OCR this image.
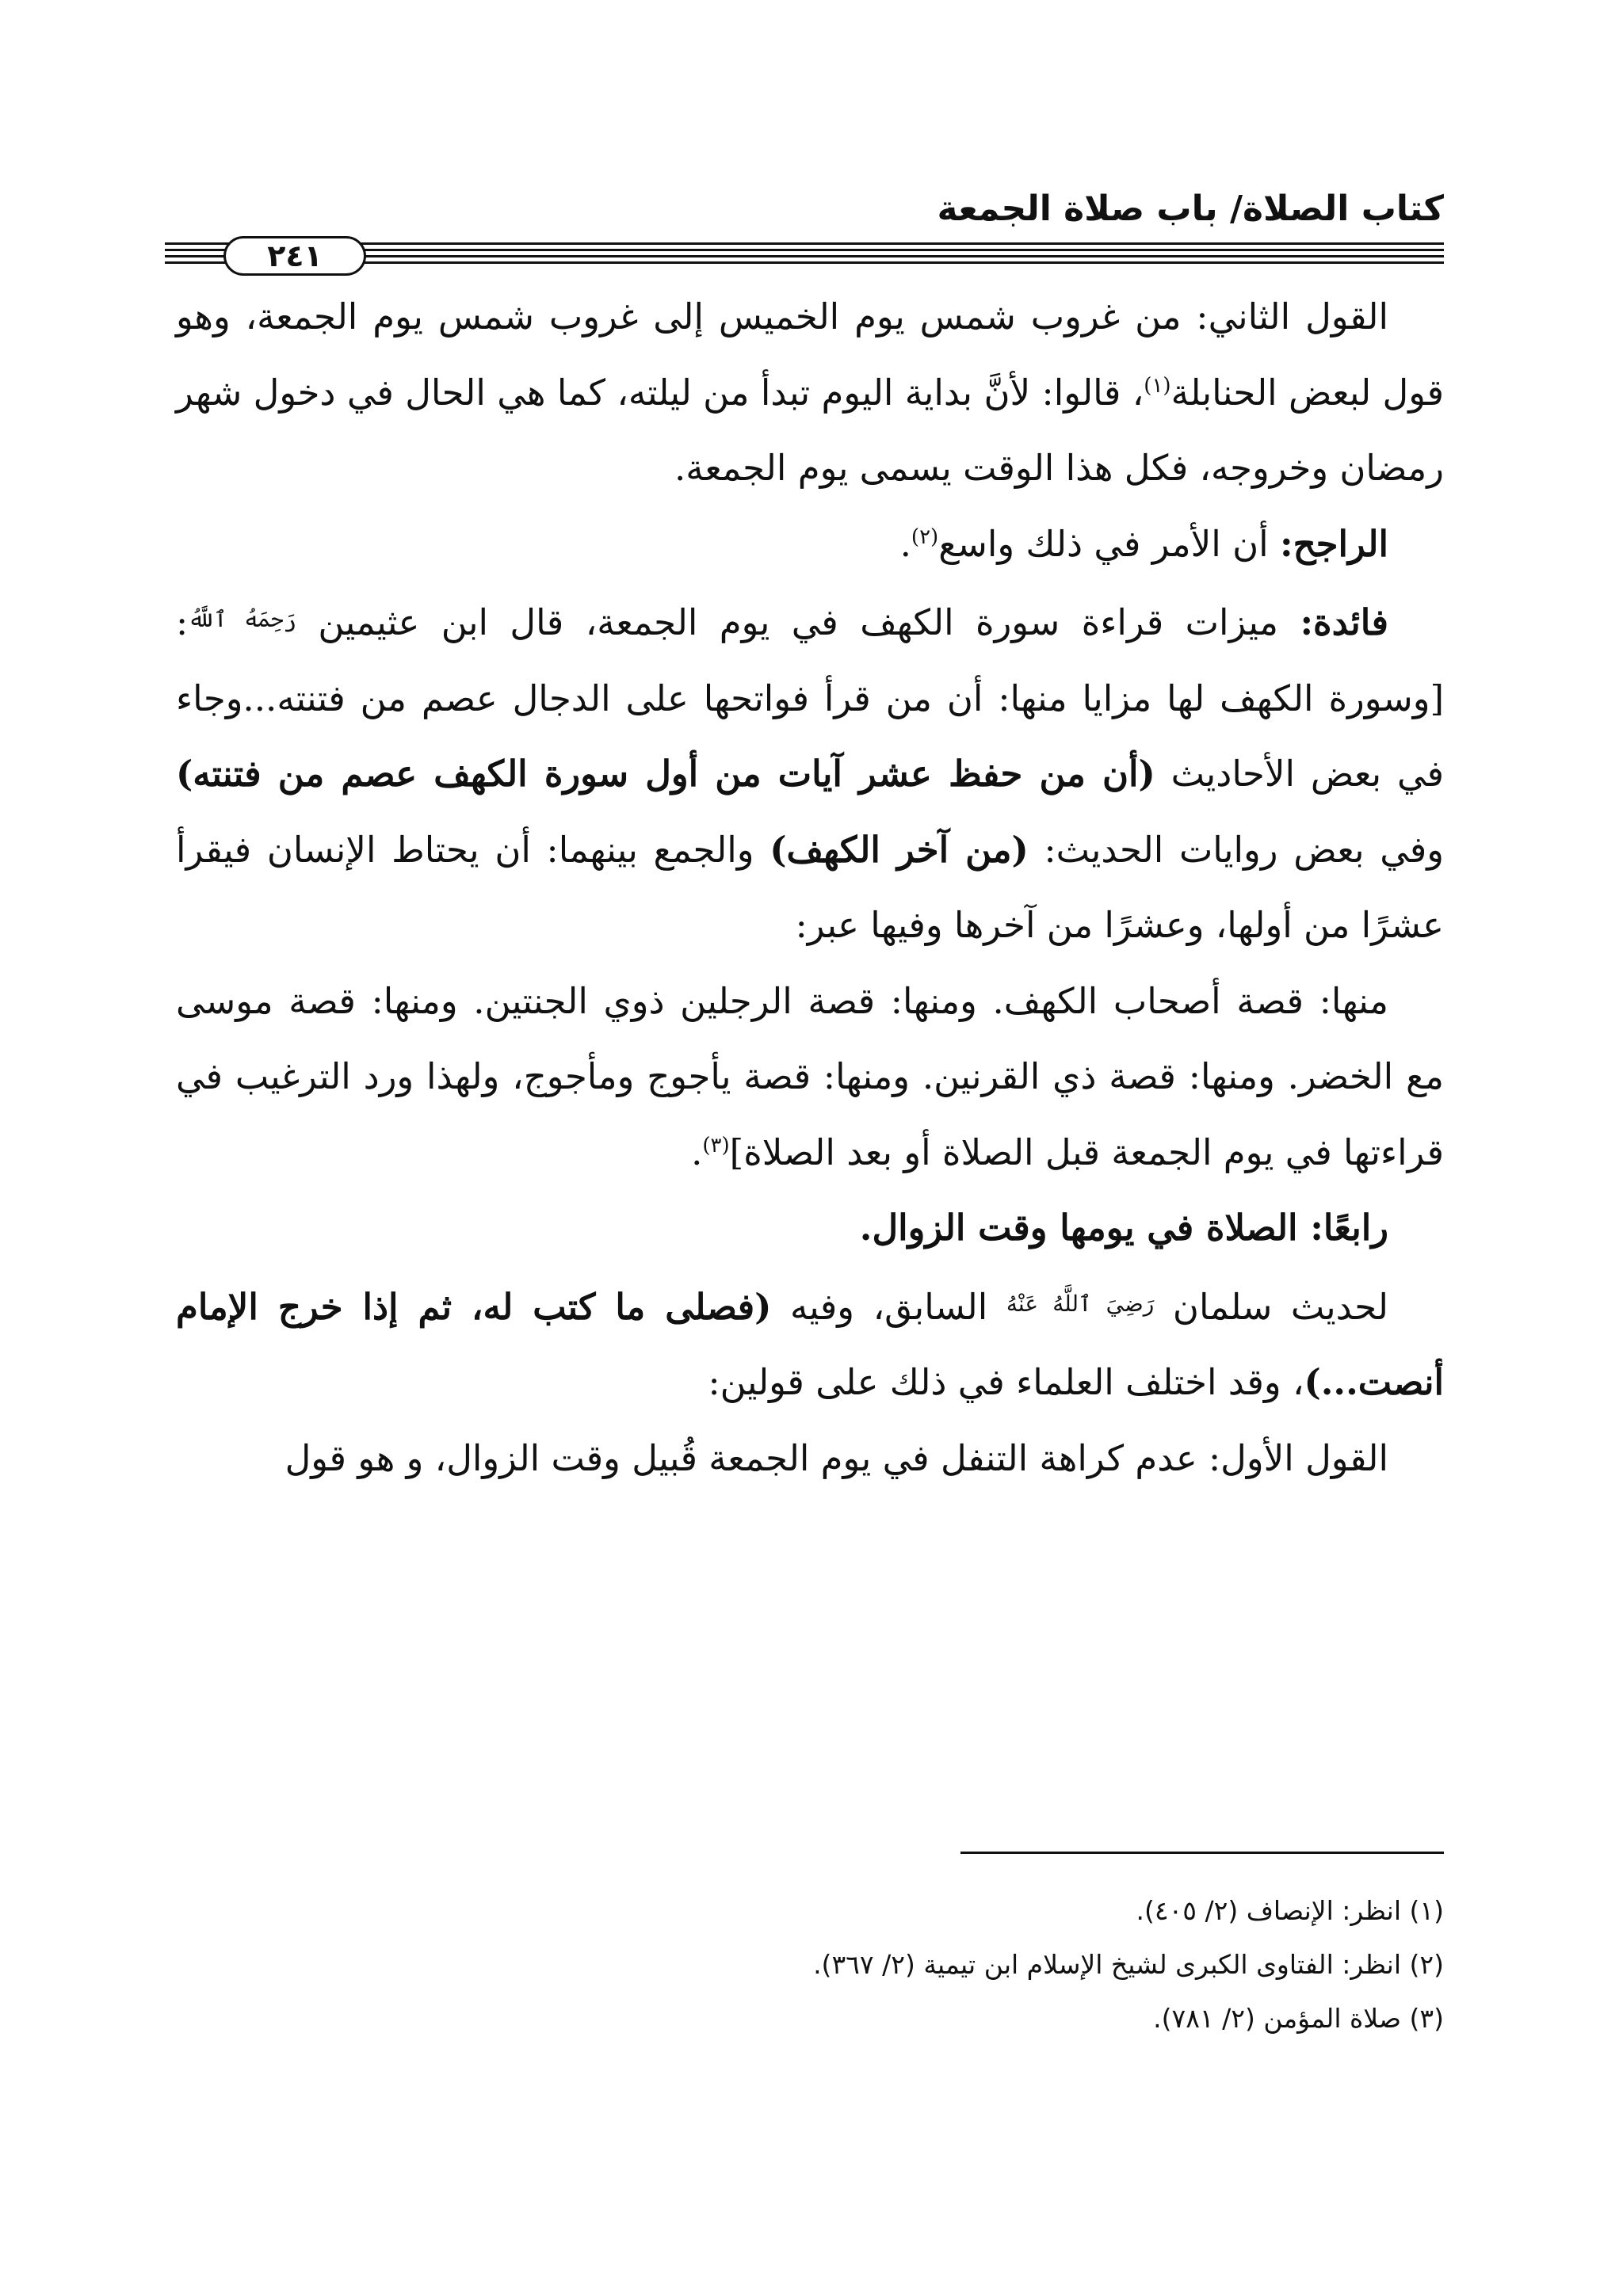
كتاب الصلاة/ باب صلاة الجمعة
٢٤١

القول الثاني: من غروب شمس يوم الخميس إلى غروب شمس يوم الجمعة، وهو قول لبعض الحنابلة$^{(١)}$، قالوا: لأنَّ بداية اليوم تبدأ من ليلته، كما هي الحال في دخول شهر رمضان وخروجه، فكل هذا الوقت يسمى يوم الجمعة.

الراجح: أن الأمر في ذلك واسع$^{(٢)}$.

فائدة: ميزات قراءة سورة الكهف في يوم الجمعة، قال ابن عثيمين $^{رَحِمَهُ ٱللَّهُ}$: [وسورة الكهف لها مزايا منها: أن من قرأ فواتحها على الدجال عصم من فتنته...وجاء في بعض الأحاديث (أن من حفظ عشر آيات من أول سورة الكهف عصم من فتنته) وفي بعض روايات الحديث: (من آخر الكهف) والجمع بينهما: أن يحتاط الإنسان فيقرأ عشرًا من أولها، وعشرًا من آخرها وفيها عبر:

منها: قصة أصحاب الكهف. ومنها: قصة الرجلين ذوي الجنتين. ومنها: قصة موسى مع الخضر. ومنها: قصة ذي القرنين. ومنها: قصة يأجوج ومأجوج، ولهذا ورد الترغيب في قراءتها في يوم الجمعة قبل الصلاة أو بعد الصلاة]$^{(٣)}$.

رابعًا: الصلاة في يومها وقت الزوال.

لحديث سلمان $^{رَضِيَ ٱللَّهُ عَنْهُ}$ السابق، وفيه (فصلى ما كتب له، ثم إذا خرج الإمام أنصت...)، وقد اختلف العلماء في ذلك على قولين:

القول الأول: عدم كراهة التنفل في يوم الجمعة قُبيل وقت الزوال، و هو قول

(١) انظر: الإنصاف (٢/ ٤٠٥).

(٢) انظر: الفتاوى الكبرى لشيخ الإسلام ابن تيمية (٢/ ٣٦٧).

(٣) صلاة المؤمن (٢/ ٧٨١).
